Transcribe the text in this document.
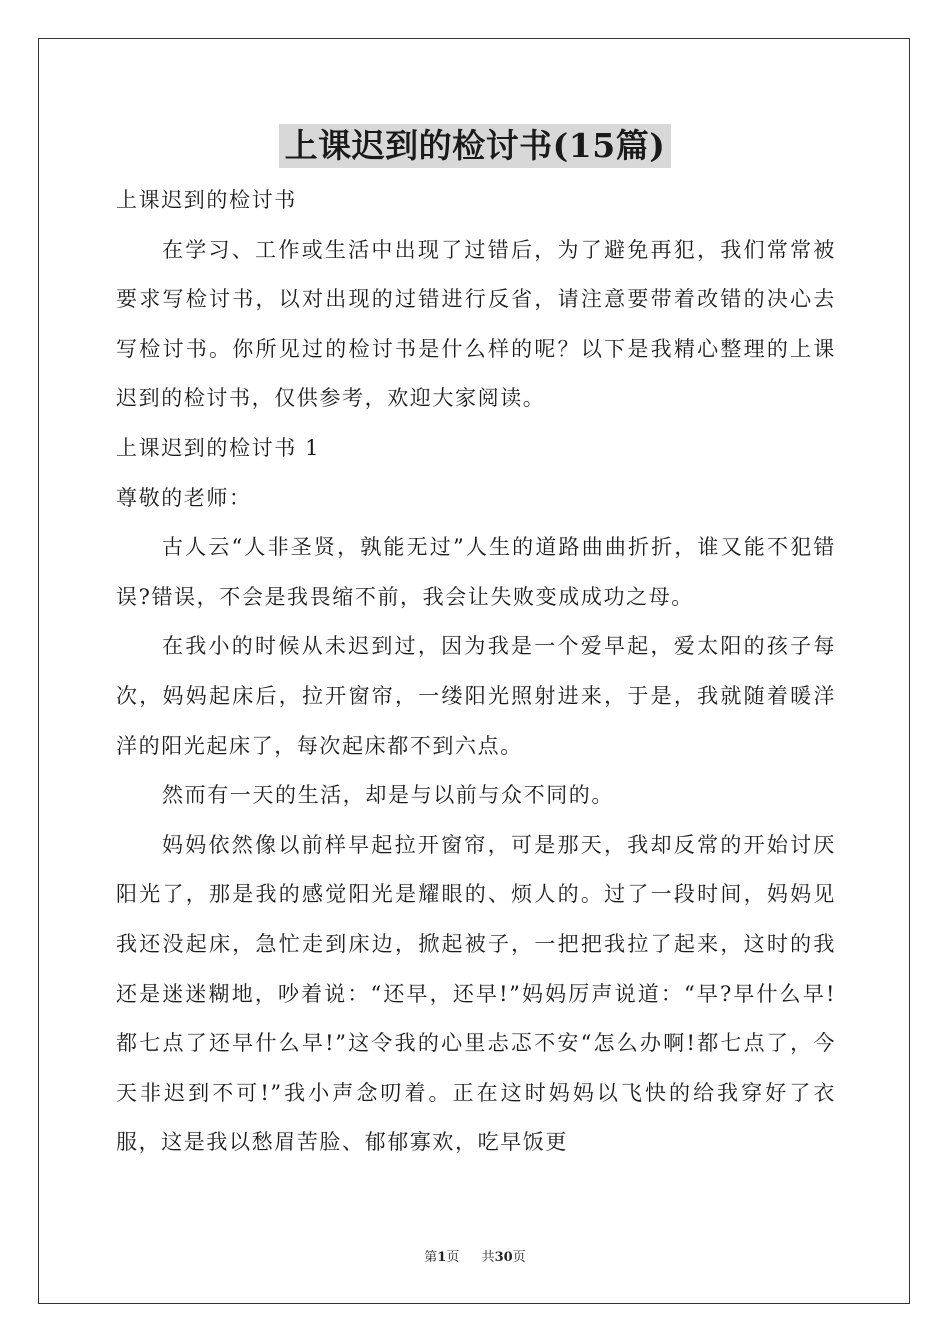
上课迟到的检讨书(15篇)

上课迟到的检讨书

在学习、工作或生活中出现了过错后，为了避免再犯，我们常常被要求写检讨书，以对出现的过错进行反省，请注意要带着改错的决心去写检讨书。你所见过的检讨书是什么样的呢？以下是我精心整理的上课迟到的检讨书，仅供参考，欢迎大家阅读。

上课迟到的检讨书 1

尊敬的老师：

古人云“人非圣贤，孰能无过”人生的道路曲曲折折，谁又能不犯错误?错误，不会是我畏缩不前，我会让失败变成成功之母。

在我小的时候从未迟到过，因为我是一个爱早起，爱太阳的孩子每次，妈妈起床后，拉开窗帘，一缕阳光照射进来，于是，我就随着暖洋洋的阳光起床了，每次起床都不到六点。

然而有一天的生活，却是与以前与众不同的。

妈妈依然像以前样早起拉开窗帘，可是那天，我却反常的开始讨厌阳光了，那是我的感觉阳光是耀眼的、烦人的。过了一段时间，妈妈见我还没起床，急忙走到床边，掀起被子，一把把我拉了起来，这时的我还是迷迷糊地，吵着说：“还早，还早!”妈妈厉声说道：“早?早什么早!都七点了还早什么早!”这令我的心里忐忑不安“怎么办啊!都七点了，今天非迟到不可!”我小声念叨着。正在这时妈妈以飞快的给我穿好了衣服，这是我以愁眉苦脸、郁郁寡欢，吃早饭更

第1页 共30页
